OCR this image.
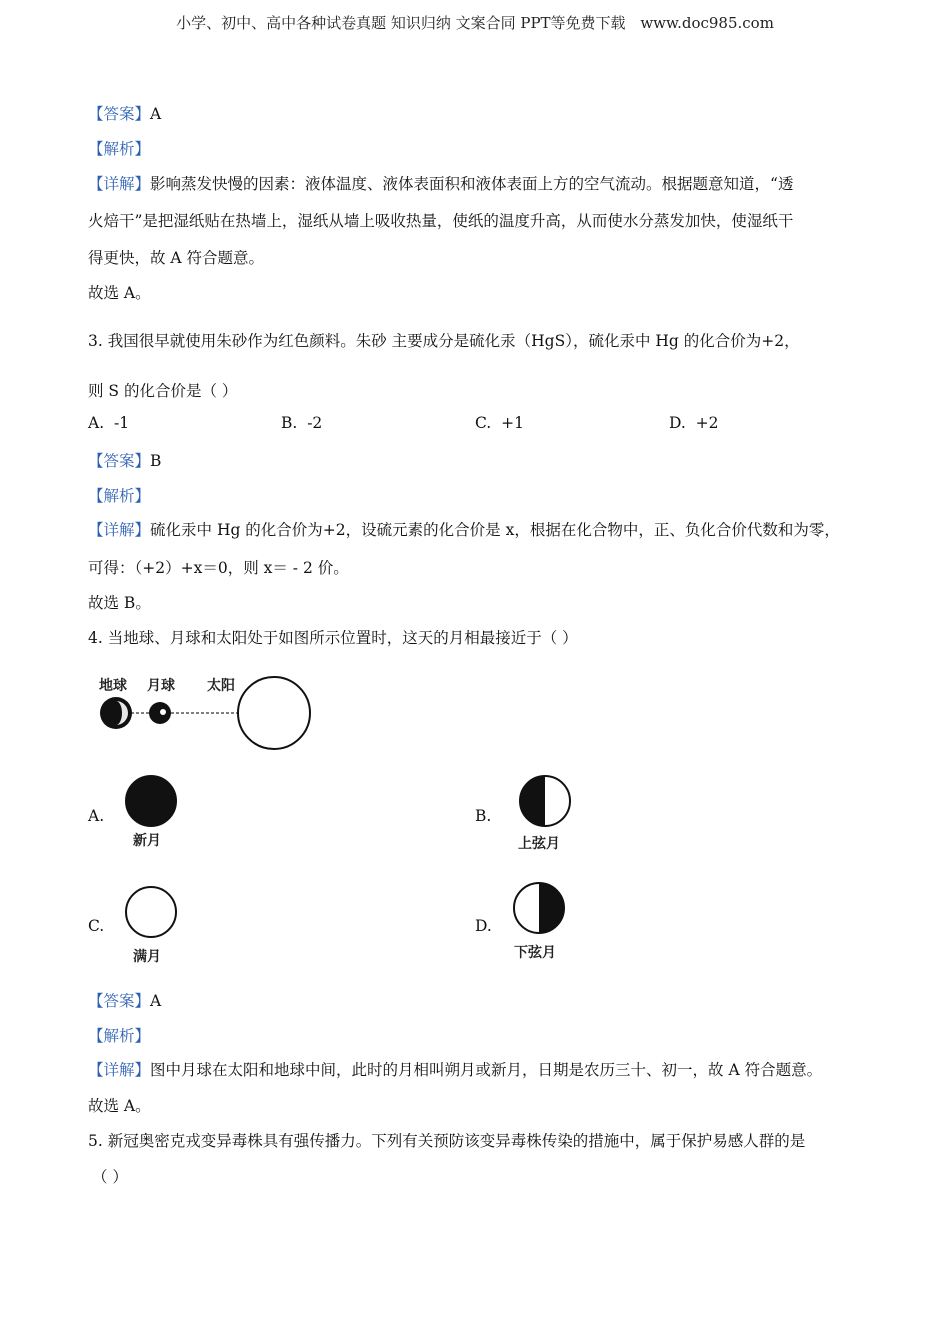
小学、初中、高中各种试卷真题 知识归纳 文案合同 PPT等免费下载 www.doc985.com
【答案】A
【解析】
【详解】影响蒸发快慢的因素：液体温度、液体表面积和液体表面上方的空气流动。根据题意知道，“透
火焙干”是把湿纸贴在热墙上，湿纸从墙上吸收热量，使纸的温度升高，从而使水分蒸发加快，使湿纸干
得更快，故 A 符合题意。
故选 A。
3. 我国很早就使用朱砂作为红色颜料。朱砂 主要成分是硫化汞（HgS），硫化汞中 Hg 的化合价为+2，
则 S 的化合价是（ ）
A. -1	B. -2	C. +1	D. +2
【答案】B
【解析】
【详解】硫化汞中 Hg 的化合价为+2，设硫元素的化合价是 x，根据在化合物中，正、负化合价代数和为零，
可得：（+2）+x＝0，则 x＝ - 2 价。
故选 B。
4. 当地球、月球和太阳处于如图所示位置时，这天的月相最接近于（ ）
地球 月球 太阳
A.
新月
B.
上弦月
C.
满月
D.
下弦月
【答案】A
【解析】
【详解】图中月球在太阳和地球中间，此时的月相叫朔月或新月，日期是农历三十、初一，故 A 符合题意。
故选 A。
5. 新冠奥密克戎变异毒株具有强传播力。下列有关预防该变异毒株传染的措施中，属于保护易感人群的是
（ ）
